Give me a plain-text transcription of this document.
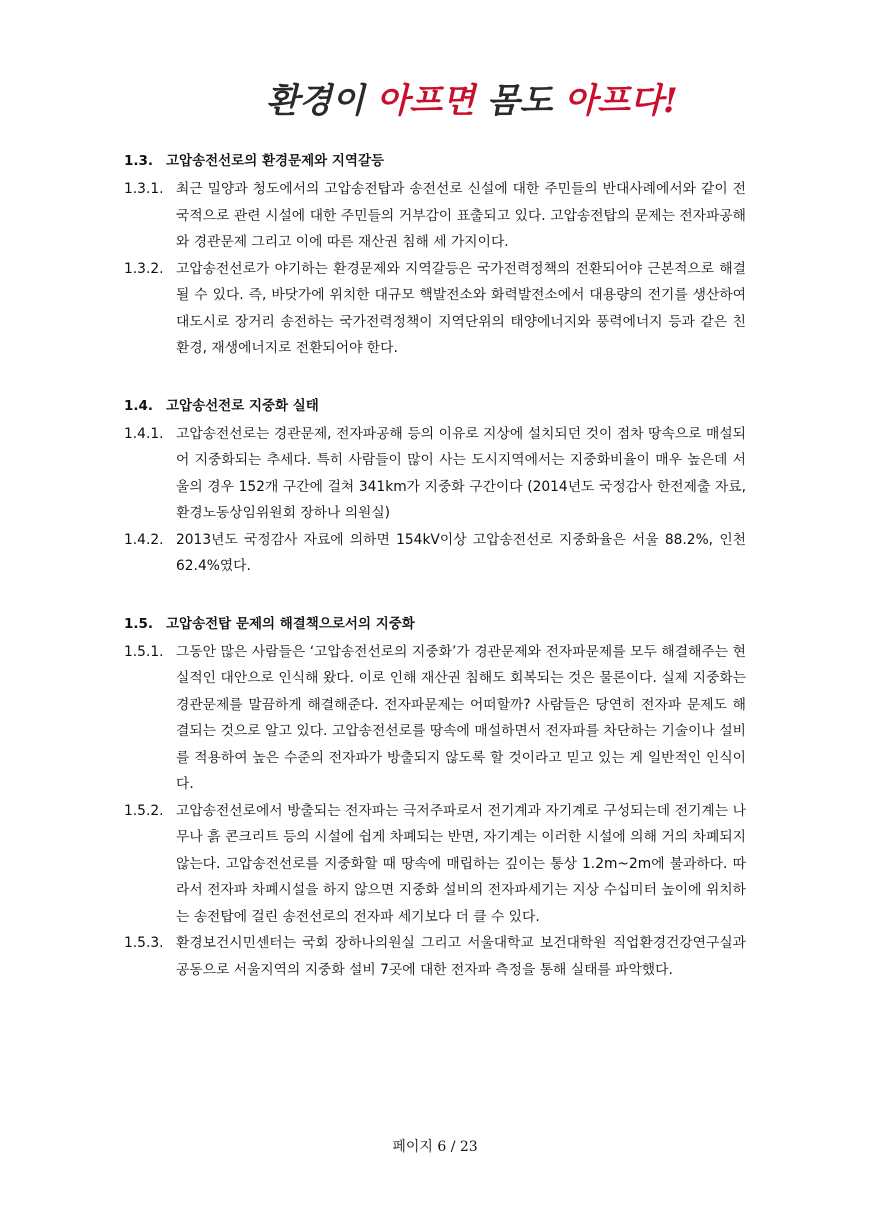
환경이 아프면 몸도 아프다!
1.3. 고압송전선로의 환경문제와 지역갈등
1.3.1. 최근 밀양과 청도에서의 고압송전탑과 송전선로 신설에 대한 주민들의 반대사례에서와 같이 전국적으로 관련 시설에 대한 주민들의 거부감이 표출되고 있다. 고압송전탑의 문제는 전자파공해와 경관문제 그리고 이에 따른 재산권 침해 세 가지이다.
1.3.2. 고압송전선로가 야기하는 환경문제와 지역갈등은 국가전력정책의 전환되어야 근본적으로 해결될 수 있다. 즉, 바닷가에 위치한 대규모 핵발전소와 화력발전소에서 대용량의 전기를 생산하여 대도시로 장거리 송전하는 국가전력정책이 지역단위의 태양에너지와 풍력에너지 등과 같은 친환경, 재생에너지로 전환되어야 한다.
1.4. 고압송선전로 지중화 실태
1.4.1. 고압송전선로는 경관문제, 전자파공해 등의 이유로 지상에 설치되던 것이 점차 땅속으로 매설되어 지중화되는 추세다. 특히 사람들이 많이 사는 도시지역에서는 지중화비율이 매우 높은데 서울의 경우 152개 구간에 걸쳐 341km가 지중화 구간이다 (2014년도 국정감사 한전제출 자료, 환경노동상임위원회 장하나 의원실)
1.4.2. 2013년도 국정감사 자료에 의하면 154kV이상 고압송전선로 지중화율은 서울 88.2%, 인천 62.4%였다.
1.5. 고압송전탑 문제의 해결책으로서의 지중화
1.5.1. 그동안 많은 사람들은 ‘고압송전선로의 지중화’가 경관문제와 전자파문제를 모두 해결해주는 현실적인 대안으로 인식해 왔다. 이로 인해 재산권 침해도 회복되는 것은 물론이다. 실제 지중화는 경관문제를 말끔하게 해결해준다. 전자파문제는 어떠할까? 사람들은 당연히 전자파 문제도 해결되는 것으로 알고 있다. 고압송전선로를 땅속에 매설하면서 전자파를 차단하는 기술이나 설비를 적용하여 높은 수준의 전자파가 방출되지 않도록 할 것이라고 믿고 있는 게 일반적인 인식이다.
1.5.2. 고압송전선로에서 방출되는 전자파는 극저주파로서 전기계과 자기계로 구성되는데 전기계는 나무나 흙 콘크리트 등의 시설에 쉽게 차폐되는 반면, 자기계는 이러한 시설에 의해 거의 차폐되지 않는다. 고압송전선로를 지중화할 때 땅속에 매립하는 깊이는 통상 1.2m~2m에 불과하다. 따라서 전자파 차폐시설을 하지 않으면 지중화 설비의 전자파세기는 지상 수십미터 높이에 위치하는 송전탑에 걸린 송전선로의 전자파 세기보다 더 클 수 있다.
1.5.3. 환경보건시민센터는 국회 장하나의원실 그리고 서울대학교 보건대학원 직업환경건강연구실과 공동으로 서울지역의 지중화 설비 7곳에 대한 전자파 측정을 통해 실태를 파악했다.
페이지 6 / 23
